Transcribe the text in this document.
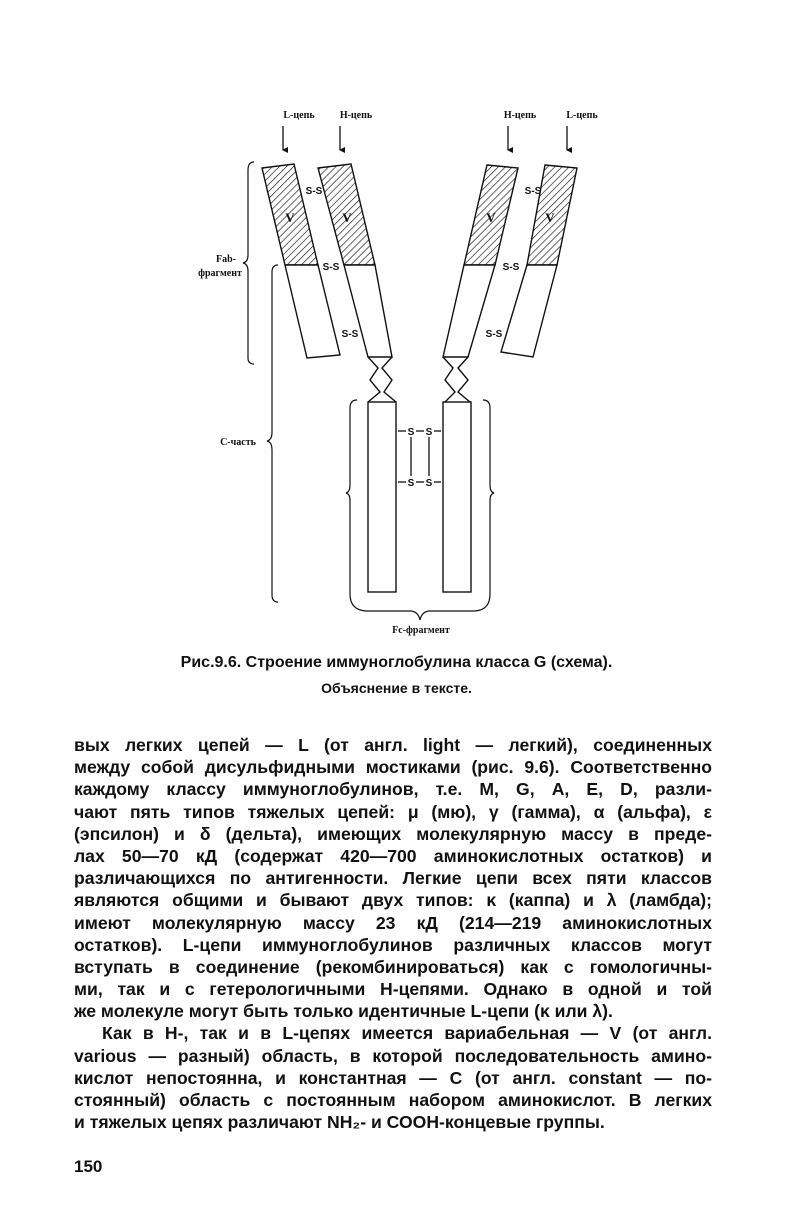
L-цепь	Н-цепь	Н-цепь	L-цепь
V	V	V	V
S-S	S-S
S-S	S-S
S-S	S-S
S S
S S
Fab-
фрагмент
С-часть
Fc-фрагмент
Рис.9.6. Строение иммуноглобулина класса G (схема).
Объяснение в тексте.
вых легких цепей — L (от англ. light — легкий), соединенных
между собой дисульфидными мостиками (рис. 9.6). Соответственно
каждому классу иммуноглобулинов, т.е. М, G, А, Е, D, разли-
чают пять типов тяжелых цепей: μ (мю), γ (гамма), α (альфа), ε
(эпсилон) и δ (дельта), имеющих молекулярную массу в преде-
лах 50—70 кД (содержат 420—700 аминокислотных остатков) и
различающихся по антигенности. Легкие цепи всех пяти классов
являются общими и бывают двух типов: κ (каппа) и λ (ламбда);
имеют молекулярную массу 23 кД (214—219 аминокислотных
остатков). L-цепи иммуноглобулинов различных классов могут
вступать в соединение (рекомбинироваться) как с гомологичны-
ми, так и с гетерологичными Н-цепями. Однако в одной и той
же молекуле могут быть только идентичные L-цепи (κ или λ).
Как в Н-, так и в L-цепях имеется вариабельная — V (от англ.
various — разный) область, в которой последовательность амино-
кислот непостоянна, и константная — С (от англ. constant — по-
стоянный) область с постоянным набором аминокислот. В легких
и тяжелых цепях различают NH₂- и СООН-концевые группы.
150
